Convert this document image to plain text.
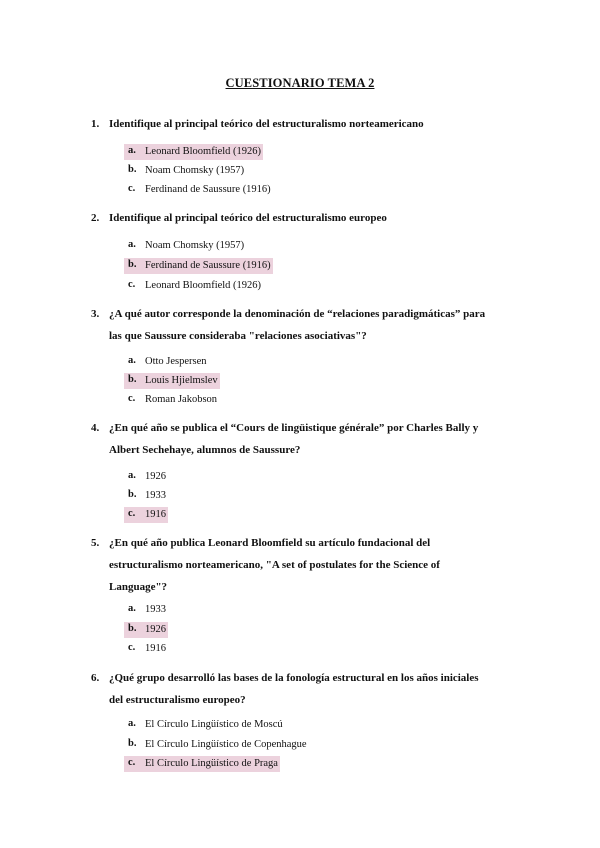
CUESTIONARIO TEMA 2
1. Identifique al principal teórico del estructuralismo norteamericano
a. Leonard Bloomfield (1926)
b. Noam Chomsky (1957)
c. Ferdinand de Saussure (1916)
2. Identifique al principal teórico del estructuralismo europeo
a. Noam Chomsky (1957)
b. Ferdinand de Saussure (1916)
c. Leonard Bloomfield (1926)
3. ¿A qué autor corresponde la denominación de “relaciones paradigmáticas” para
las que Saussure consideraba "relaciones asociativas"?
a. Otto Jespersen
b. Louis Hjielmslev
c. Roman Jakobson
4. ¿En qué año se publica el “Cours de lingüistique générale” por Charles Bally y
Albert Sechehaye, alumnos de Saussure?
a. 1926
b. 1933
c. 1916
5. ¿En qué año publica Leonard Bloomfield su artículo fundacional del
estructuralismo norteamericano, "A set of postulates for the Science of
Language"?
a. 1933
b. 1926
c. 1916
6. ¿Qué grupo desarrolló las bases de la fonología estructural en los años iniciales
del estructuralismo europeo?
a. El Círculo Lingüístico de Moscú
b. El Círculo Lingüístico de Copenhague
c. El Círculo Lingüístico de Praga
